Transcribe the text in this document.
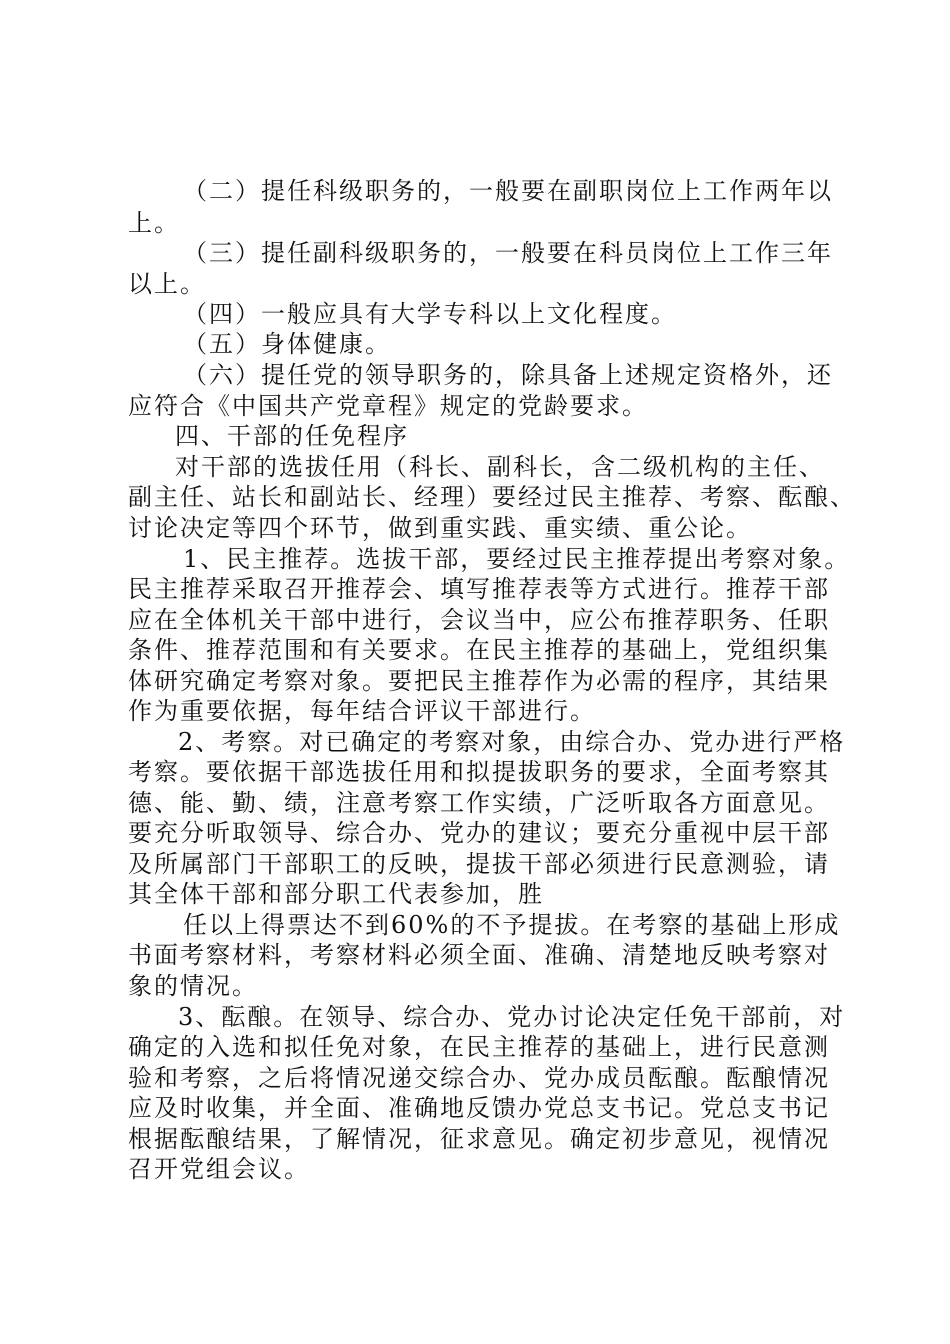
（二）提任科级职务的，一般要在副职岗位上工作两年以
上。
（三）提任副科级职务的，一般要在科员岗位上工作三年
以上。
（四）一般应具有大学专科以上文化程度。
（五）身体健康。
（六）提任党的领导职务的，除具备上述规定资格外，还
应符合《中国共产党章程》规定的党龄要求。
四、干部的任免程序
对干部的选拔任用（科长、副科长，含二级机构的主任、
副主任、站长和副站长、经理）要经过民主推荐、考察、酝酿、
讨论决定等四个环节，做到重实践、重实绩、重公论。
1、民主推荐。选拔干部，要经过民主推荐提出考察对象。
民主推荐采取召开推荐会、填写推荐表等方式进行。推荐干部
应在全体机关干部中进行，会议当中，应公布推荐职务、任职
条件、推荐范围和有关要求。在民主推荐的基础上，党组织集
体研究确定考察对象。要把民主推荐作为必需的程序，其结果
作为重要依据，每年结合评议干部进行。
2、考察。对已确定的考察对象，由综合办、党办进行严格
考察。要依据干部选拔任用和拟提拔职务的要求，全面考察其
德、能、勤、绩，注意考察工作实绩，广泛听取各方面意见。
要充分听取领导、综合办、党办的建议；要充分重视中层干部
及所属部门干部职工的反映，提拔干部必须进行民意测验，请
其全体干部和部分职工代表参加，胜
任以上得票达不到60%的不予提拔。在考察的基础上形成
书面考察材料，考察材料必须全面、准确、清楚地反映考察对
象的情况。
3、酝酿。在领导、综合办、党办讨论决定任免干部前，对
确定的入选和拟任免对象，在民主推荐的基础上，进行民意测
验和考察，之后将情况递交综合办、党办成员酝酿。酝酿情况
应及时收集，并全面、准确地反馈办党总支书记。党总支书记
根据酝酿结果，了解情况，征求意见。确定初步意见，视情况
召开党组会议。
